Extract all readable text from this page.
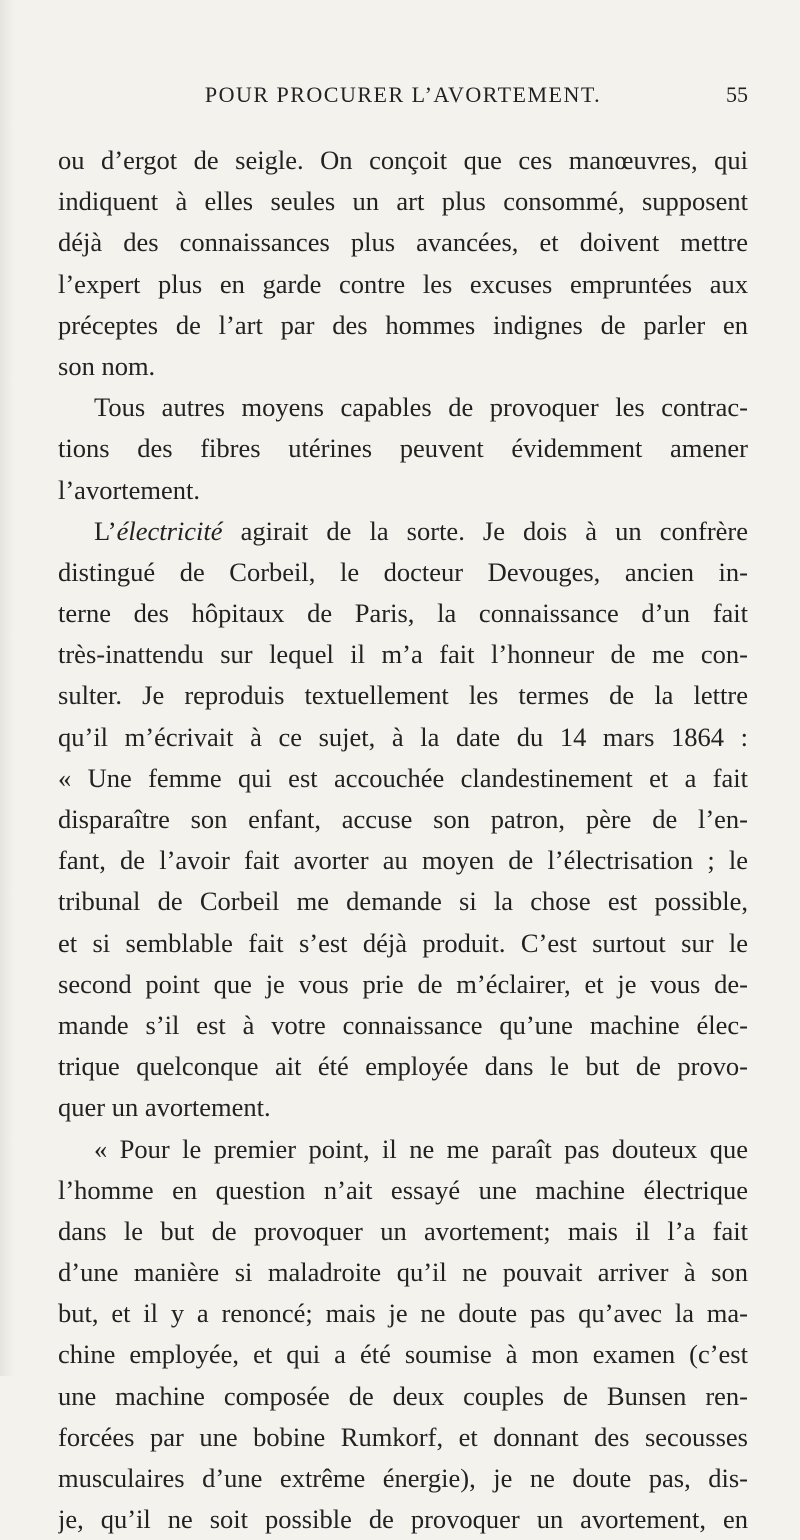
POUR PROCURER L’AVORTEMENT.	55
ou d’ergot de seigle. On conçoit que ces manœuvres, qui
indiquent à elles seules un art plus consommé, supposent
déjà des connaissances plus avancées, et doivent mettre
l’expert plus en garde contre les excuses empruntées aux
préceptes de l’art par des hommes indignes de parler en
son nom.
Tous autres moyens capables de provoquer les contrac-
tions des fibres utérines peuvent évidemment amener
l’avortement.
L’électricité agirait de la sorte. Je dois à un confrère
distingué de Corbeil, le docteur Devouges, ancien in-
terne des hôpitaux de Paris, la connaissance d’un fait
très-inattendu sur lequel il m’a fait l’honneur de me con-
sulter. Je reproduis textuellement les termes de la lettre
qu’il m’écrivait à ce sujet, à la date du 14 mars 1864 :
« Une femme qui est accouchée clandestinement et a fait
disparaître son enfant, accuse son patron, père de l’en-
fant, de l’avoir fait avorter au moyen de l’électrisation ; le
tribunal de Corbeil me demande si la chose est possible,
et si semblable fait s’est déjà produit. C’est surtout sur le
second point que je vous prie de m’éclairer, et je vous de-
mande s’il est à votre connaissance qu’une machine élec-
trique quelconque ait été employée dans le but de provo-
quer un avortement.
« Pour le premier point, il ne me paraît pas douteux que
l’homme en question n’ait essayé une machine électrique
dans le but de provoquer un avortement; mais il l’a fait
d’une manière si maladroite qu’il ne pouvait arriver à son
but, et il y a renoncé; mais je ne doute pas qu’avec la ma-
chine employée, et qui a été soumise à mon examen (c’est
une machine composée de deux couples de Bunsen ren-
forcées par une bobine Rumkorf, et donnant des secousses
musculaires d’une extrême énergie), je ne doute pas, dis-
je, qu’il ne soit possible de provoquer un avortement, en
